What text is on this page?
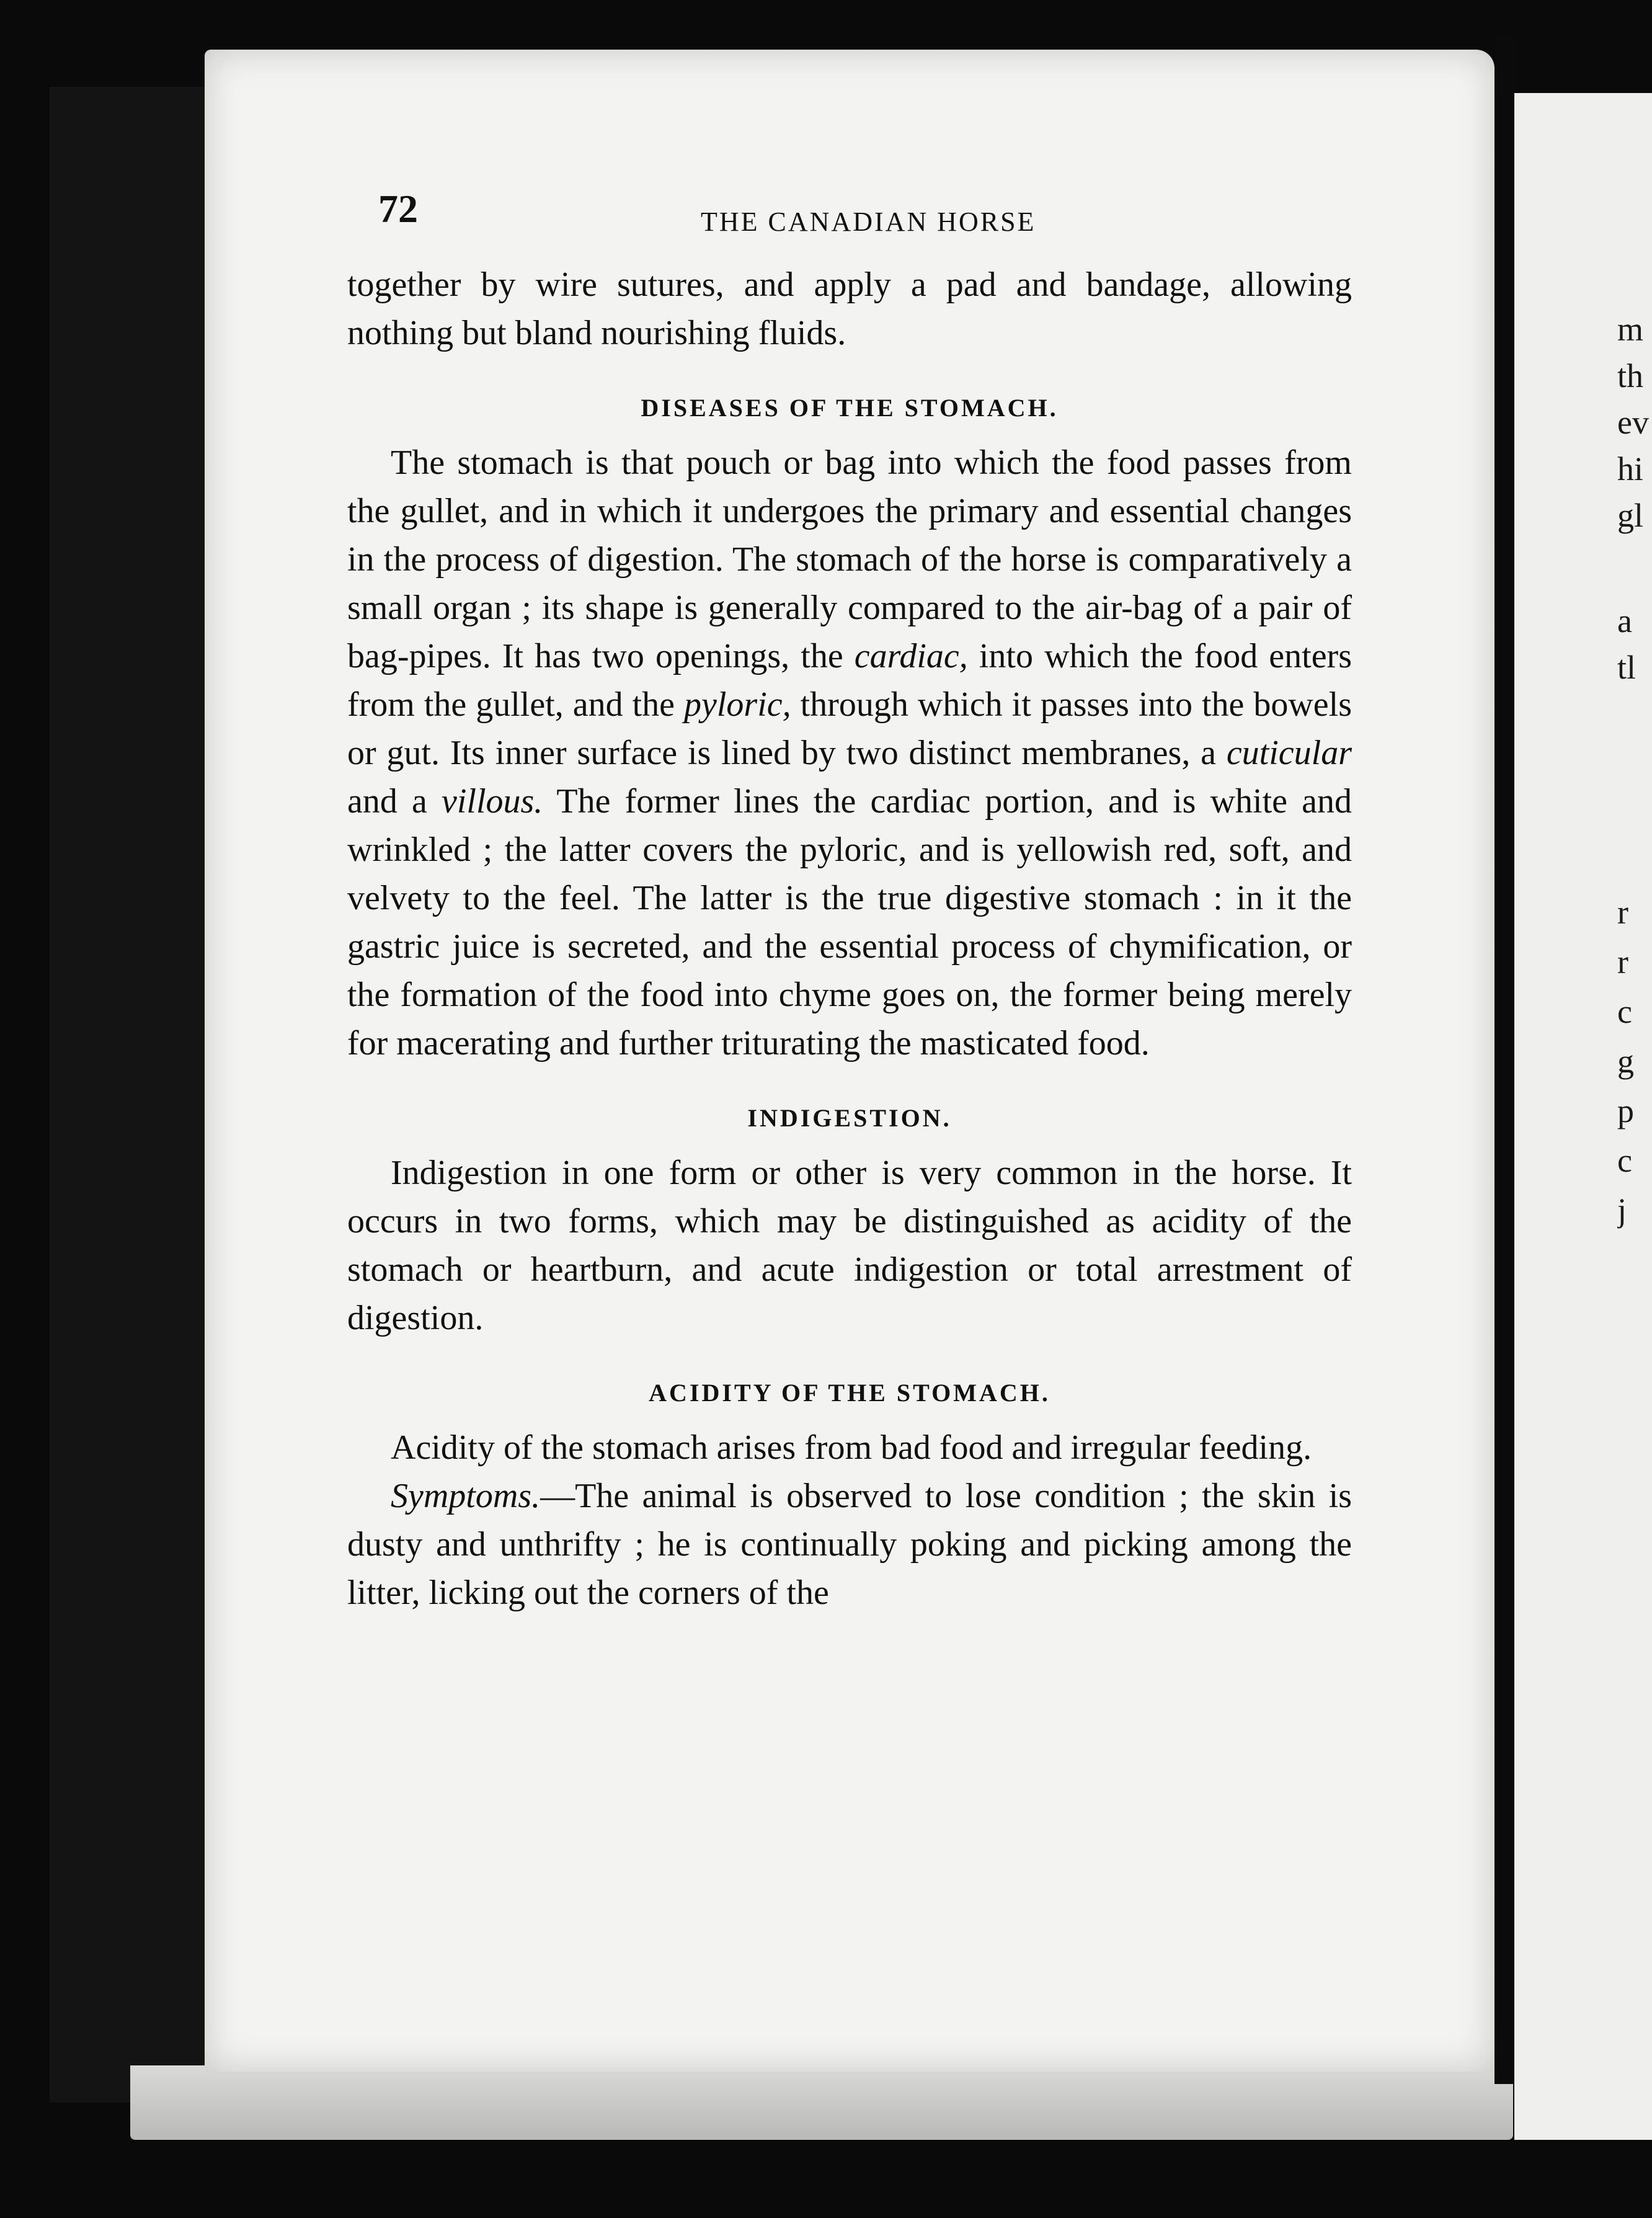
m
th
ev
hi
gl
a
tl
r
r
c
g
p
c
j
72	THE CANADIAN HORSE

together by wire sutures, and apply a pad and bandage, allowing nothing but bland nourishing fluids.

DISEASES OF THE STOMACH.

The stomach is that pouch or bag into which the food passes from the gullet, and in which it undergoes the primary and essential changes in the process of digestion. The stomach of the horse is comparatively a small organ ; its shape is generally compared to the air-bag of a pair of bag-pipes. It has two openings, the cardiac, into which the food enters from the gullet, and the pyloric, through which it passes into the bowels or gut. Its inner surface is lined by two distinct membranes, a cuticular and a villous. The former lines the cardiac portion, and is white and wrinkled ; the latter covers the pyloric, and is yellowish red, soft, and velvety to the feel. The latter is the true digestive stomach : in it the gastric juice is secreted, and the essential process of chymification, or the formation of the food into chyme goes on, the former being merely for macerating and further triturating the masticated food.

INDIGESTION.

Indigestion in one form or other is very common in the horse. It occurs in two forms, which may be distinguished as acidity of the stomach or heartburn, and acute indigestion or total arrestment of digestion.

ACIDITY OF THE STOMACH.

Acidity of the stomach arises from bad food and irregular feeding.

Symptoms.—The animal is observed to lose condition ; the skin is dusty and unthrifty ; he is continually poking and picking among the litter, licking out the corners of the
